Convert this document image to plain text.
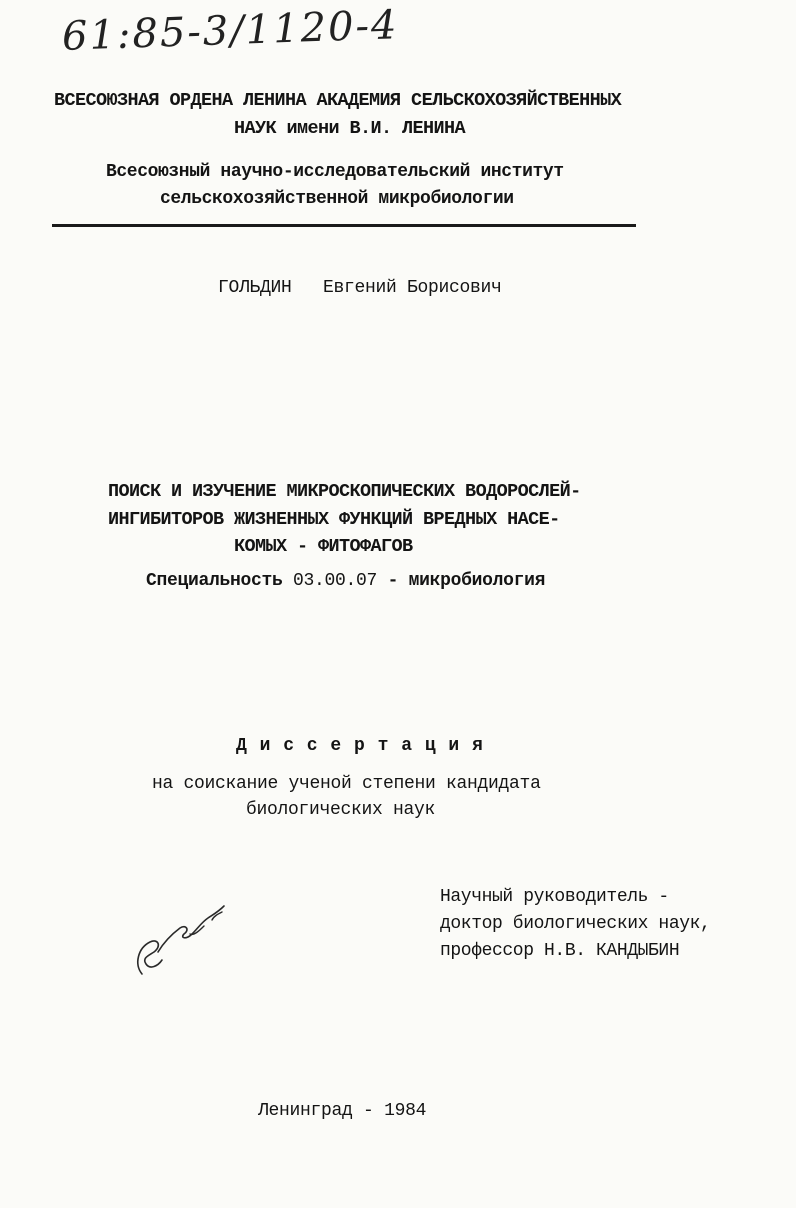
61:85-3/1120-4
ВСЕСОЮЗНАЯ ОРДЕНА ЛЕНИНА АКАДЕМИЯ СЕЛЬСКОХОЗЯЙСТВЕННЫХ
НАУК имени В.И. ЛЕНИНА
Всесоюзный научно-исследовательский институт
сельскохозяйственной микробиологии
ГОЛЬДИН Евгений Борисович
ПОИСК И ИЗУЧЕНИЕ МИКРОСКОПИЧЕСКИХ ВОДОРОСЛЕЙ-
ИНГИБИТОРОВ ЖИЗНЕННЫХ ФУНКЦИЙ ВРЕДНЫХ НАСЕ-
КОМЫХ - ФИТОФАГОВ
Специальность 03.00.07 - микробиология
Д и с с е р т а ц и я
на соискание ученой степени кандидата
биологических наук
Научный руководитель -
доктор биологических наук,
профессор Н.В. КАНДЫБИН
Ленинград - 1984
